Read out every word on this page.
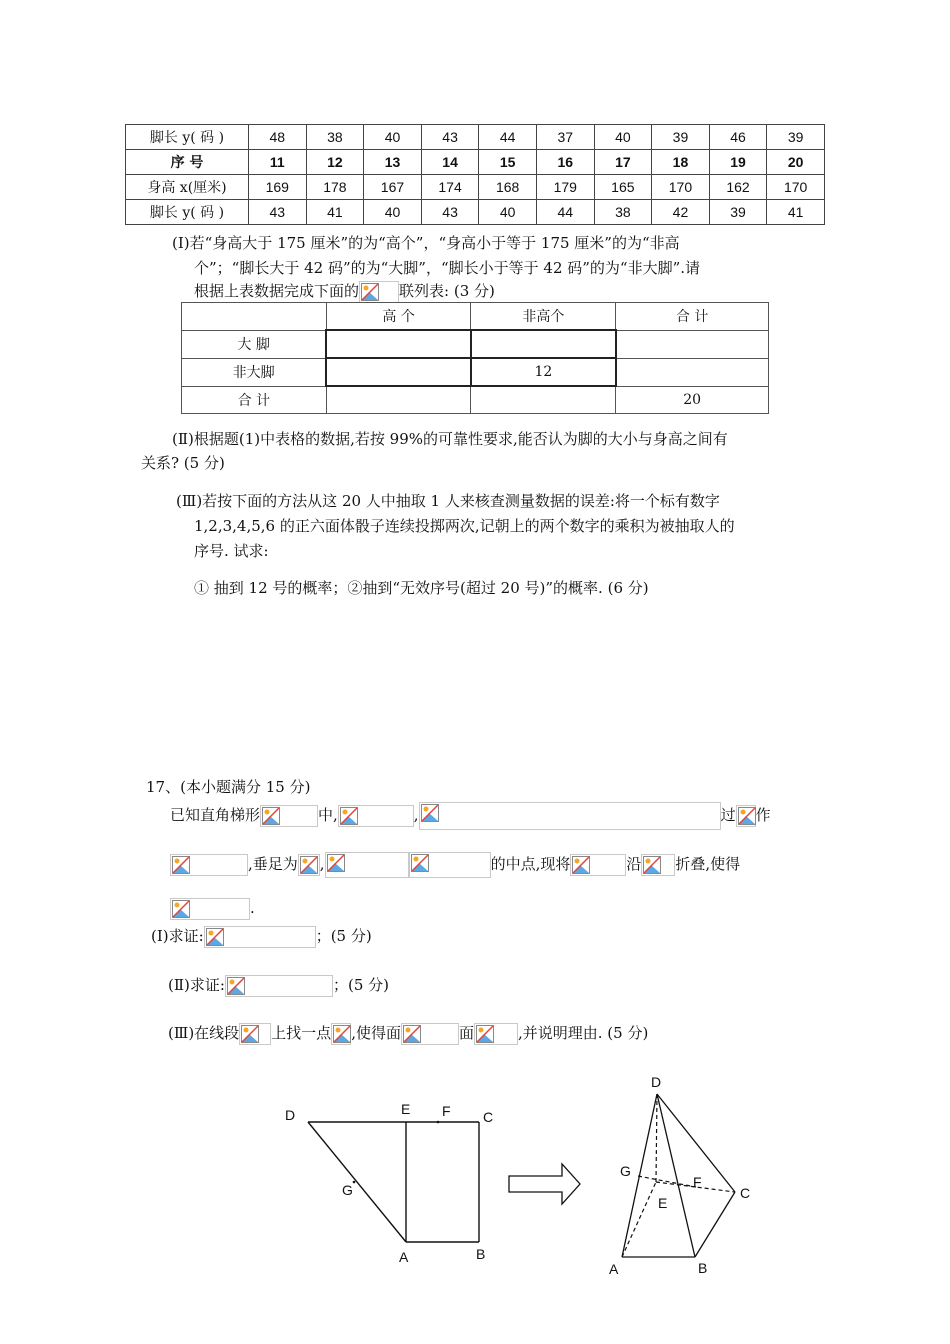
脚长 y( 码 )	48	38	40	43	44	37	40	39	46	39
序 号	11	12	13	14	15	16	17	18	19	20
身高 x(厘米)	169	178	167	174	168	179	165	170	162	170
脚长 y( 码 )	43	41	40	43	40	44	38	42	39	41
(Ⅰ)若“身高大于 175 厘米”的为“高个”，“身高小于等于 175 厘米”的为“非高
个”；“脚长大于 42 码”的为“大脚”，“脚长小于等于 42 码”的为“非大脚”.请
根据上表数据完成下面的	联列表: (3 分)
	高 个	非高个	合 计
大 脚			
非大脚		12	
合 计			20
(Ⅱ)根据题(1)中表格的数据,若按 99%的可靠性要求,能否认为脚的大小与身高之间有
关系? (5 分)
(Ⅲ)若按下面的方法从这 20 人中抽取 1 人来核查测量数据的误差:将一个标有数字
1,2,3,4,5,6 的正六面体骰子连续投掷两次,记朝上的两个数字的乘积为被抽取人的
序号. 试求:
① 抽到 12 号的概率；②抽到“无效序号(超过 20 号)”的概率. (6 分)
17、(本小题满分 15 分)
已知直角梯形	中,	,	过 作
,垂足为 ,	的中点,现将	沿 折叠,使得
.
(Ⅰ)求证:	；(5 分)
(Ⅱ)求证:	；(5 分)
(Ⅲ)在线段 上找一点 ,使得面	面	,并说明理由. (5 分)
D	E F C
G
A	B
D
G
F
C
E
A	B
